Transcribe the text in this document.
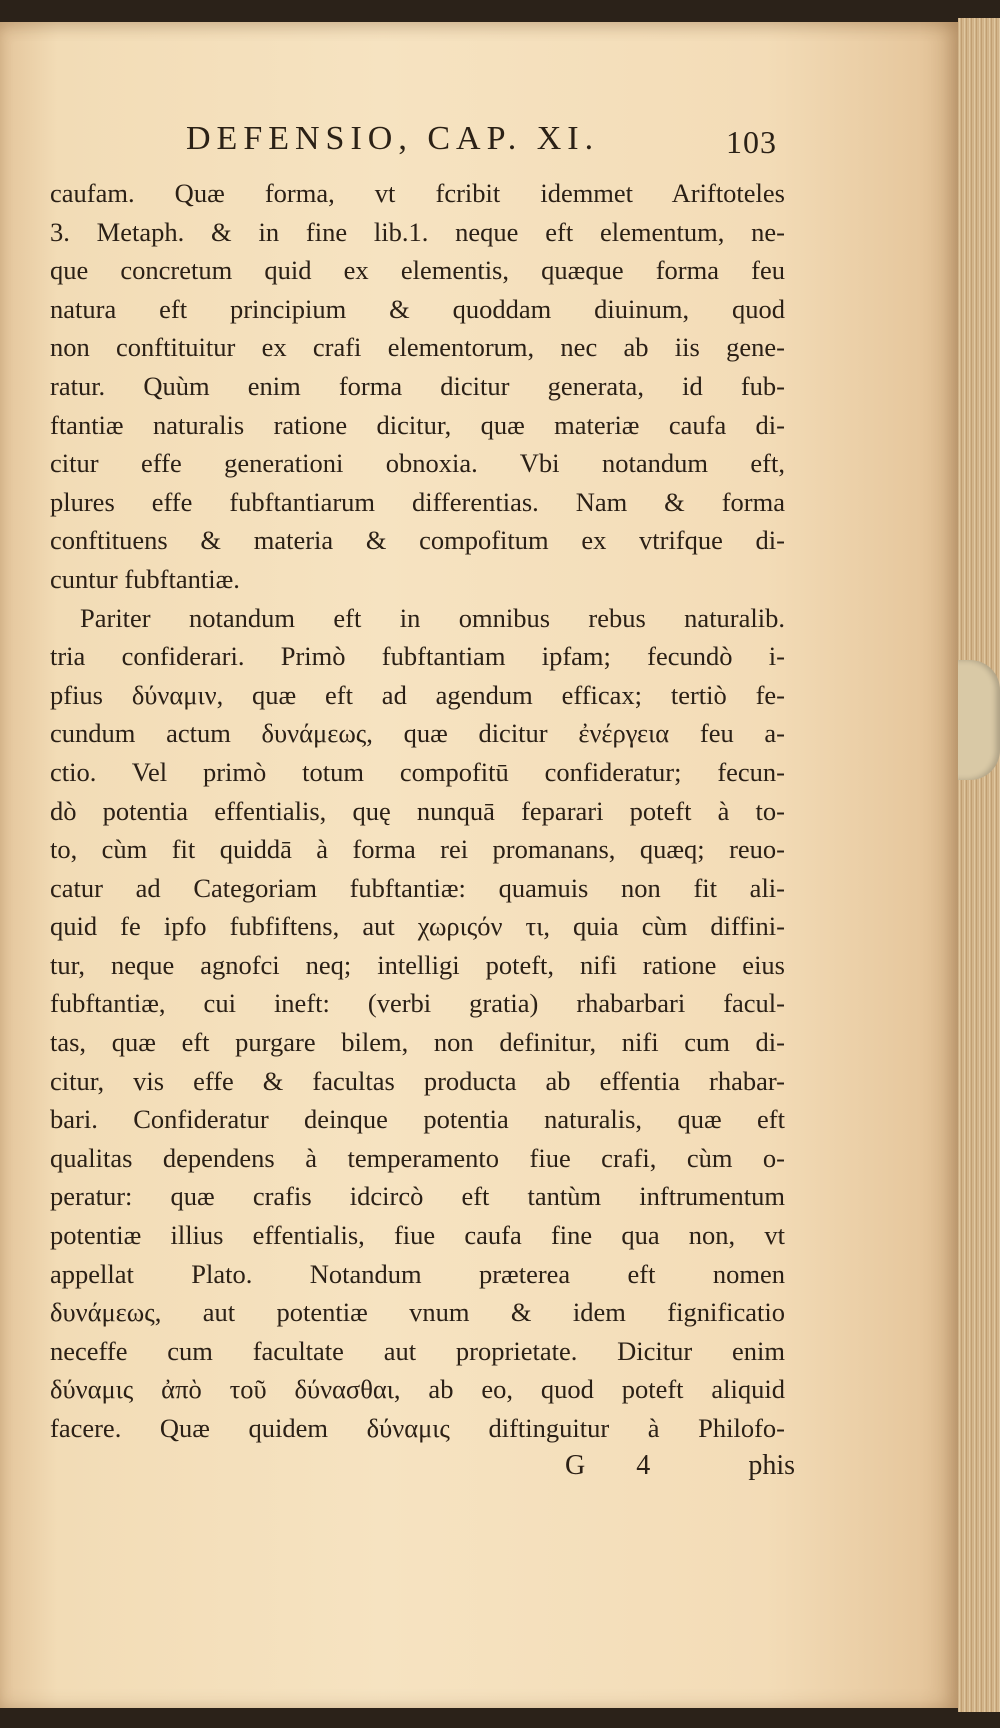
DEFENSIO, CAP. XI.	103
caufam. Quæ forma, vt fcribit idemmet Ariftoteles
3. Metaph. & in fine lib.1. neque eft elementum, ne-
que concretum quid ex elementis, quæque forma feu
natura eft principium & quoddam diuinum, quod
non conftituitur ex crafi elementorum, nec ab iis gene-
ratur. Quùm enim forma dicitur generata, id fub-
ftantiæ naturalis ratione dicitur, quæ materiæ caufa di-
citur effe generationi obnoxia. Vbi notandum eft,
plures effe fubftantiarum differentias. Nam & forma
conftituens & materia & compofitum ex vtrifque di-
cuntur fubftantiæ.
Pariter notandum eft in omnibus rebus naturalib.
tria confiderari. Primò fubftantiam ipfam; fecundò i-
pfius δύναμιν, quæ eft ad agendum efficax; tertiò fe-
cundum actum δυνάμεως, quæ dicitur ἐνέργεια feu a-
ctio. Vel primò totum compofitū confideratur; fecun-
dò potentia effentialis, quę nunquā feparari poteft à to-
to, cùm fit quiddā à forma rei promanans, quæq; reuo-
catur ad Categoriam fubftantiæ: quamuis non fit ali-
quid fe ipfo fubfiftens, aut χωριςόν τι, quia cùm diffini-
tur, neque agnofci neq; intelligi poteft, nifi ratione eius
fubftantiæ, cui ineft: (verbi gratia) rhabarbari facul-
tas, quæ eft purgare bilem, non definitur, nifi cum di-
citur, vis effe & facultas producta ab effentia rhabar-
bari. Confideratur deinque potentia naturalis, quæ eft
qualitas dependens à temperamento fiue crafi, cùm o-
peratur: quæ crafis idcircò eft tantùm inftrumentum
potentiæ illius effentialis, fiue caufa fine qua non, vt
appellat Plato. Notandum præterea eft nomen
δυνάμεως, aut potentiæ vnum & idem fignificatio
neceffe cum facultate aut proprietate. Dicitur enim
δύναμις ἀπὸ τοῦ δύνασθαι, ab eo, quod poteft aliquid
facere. Quæ quidem δύναμις diftinguitur à Philofo-
G 4	phis
